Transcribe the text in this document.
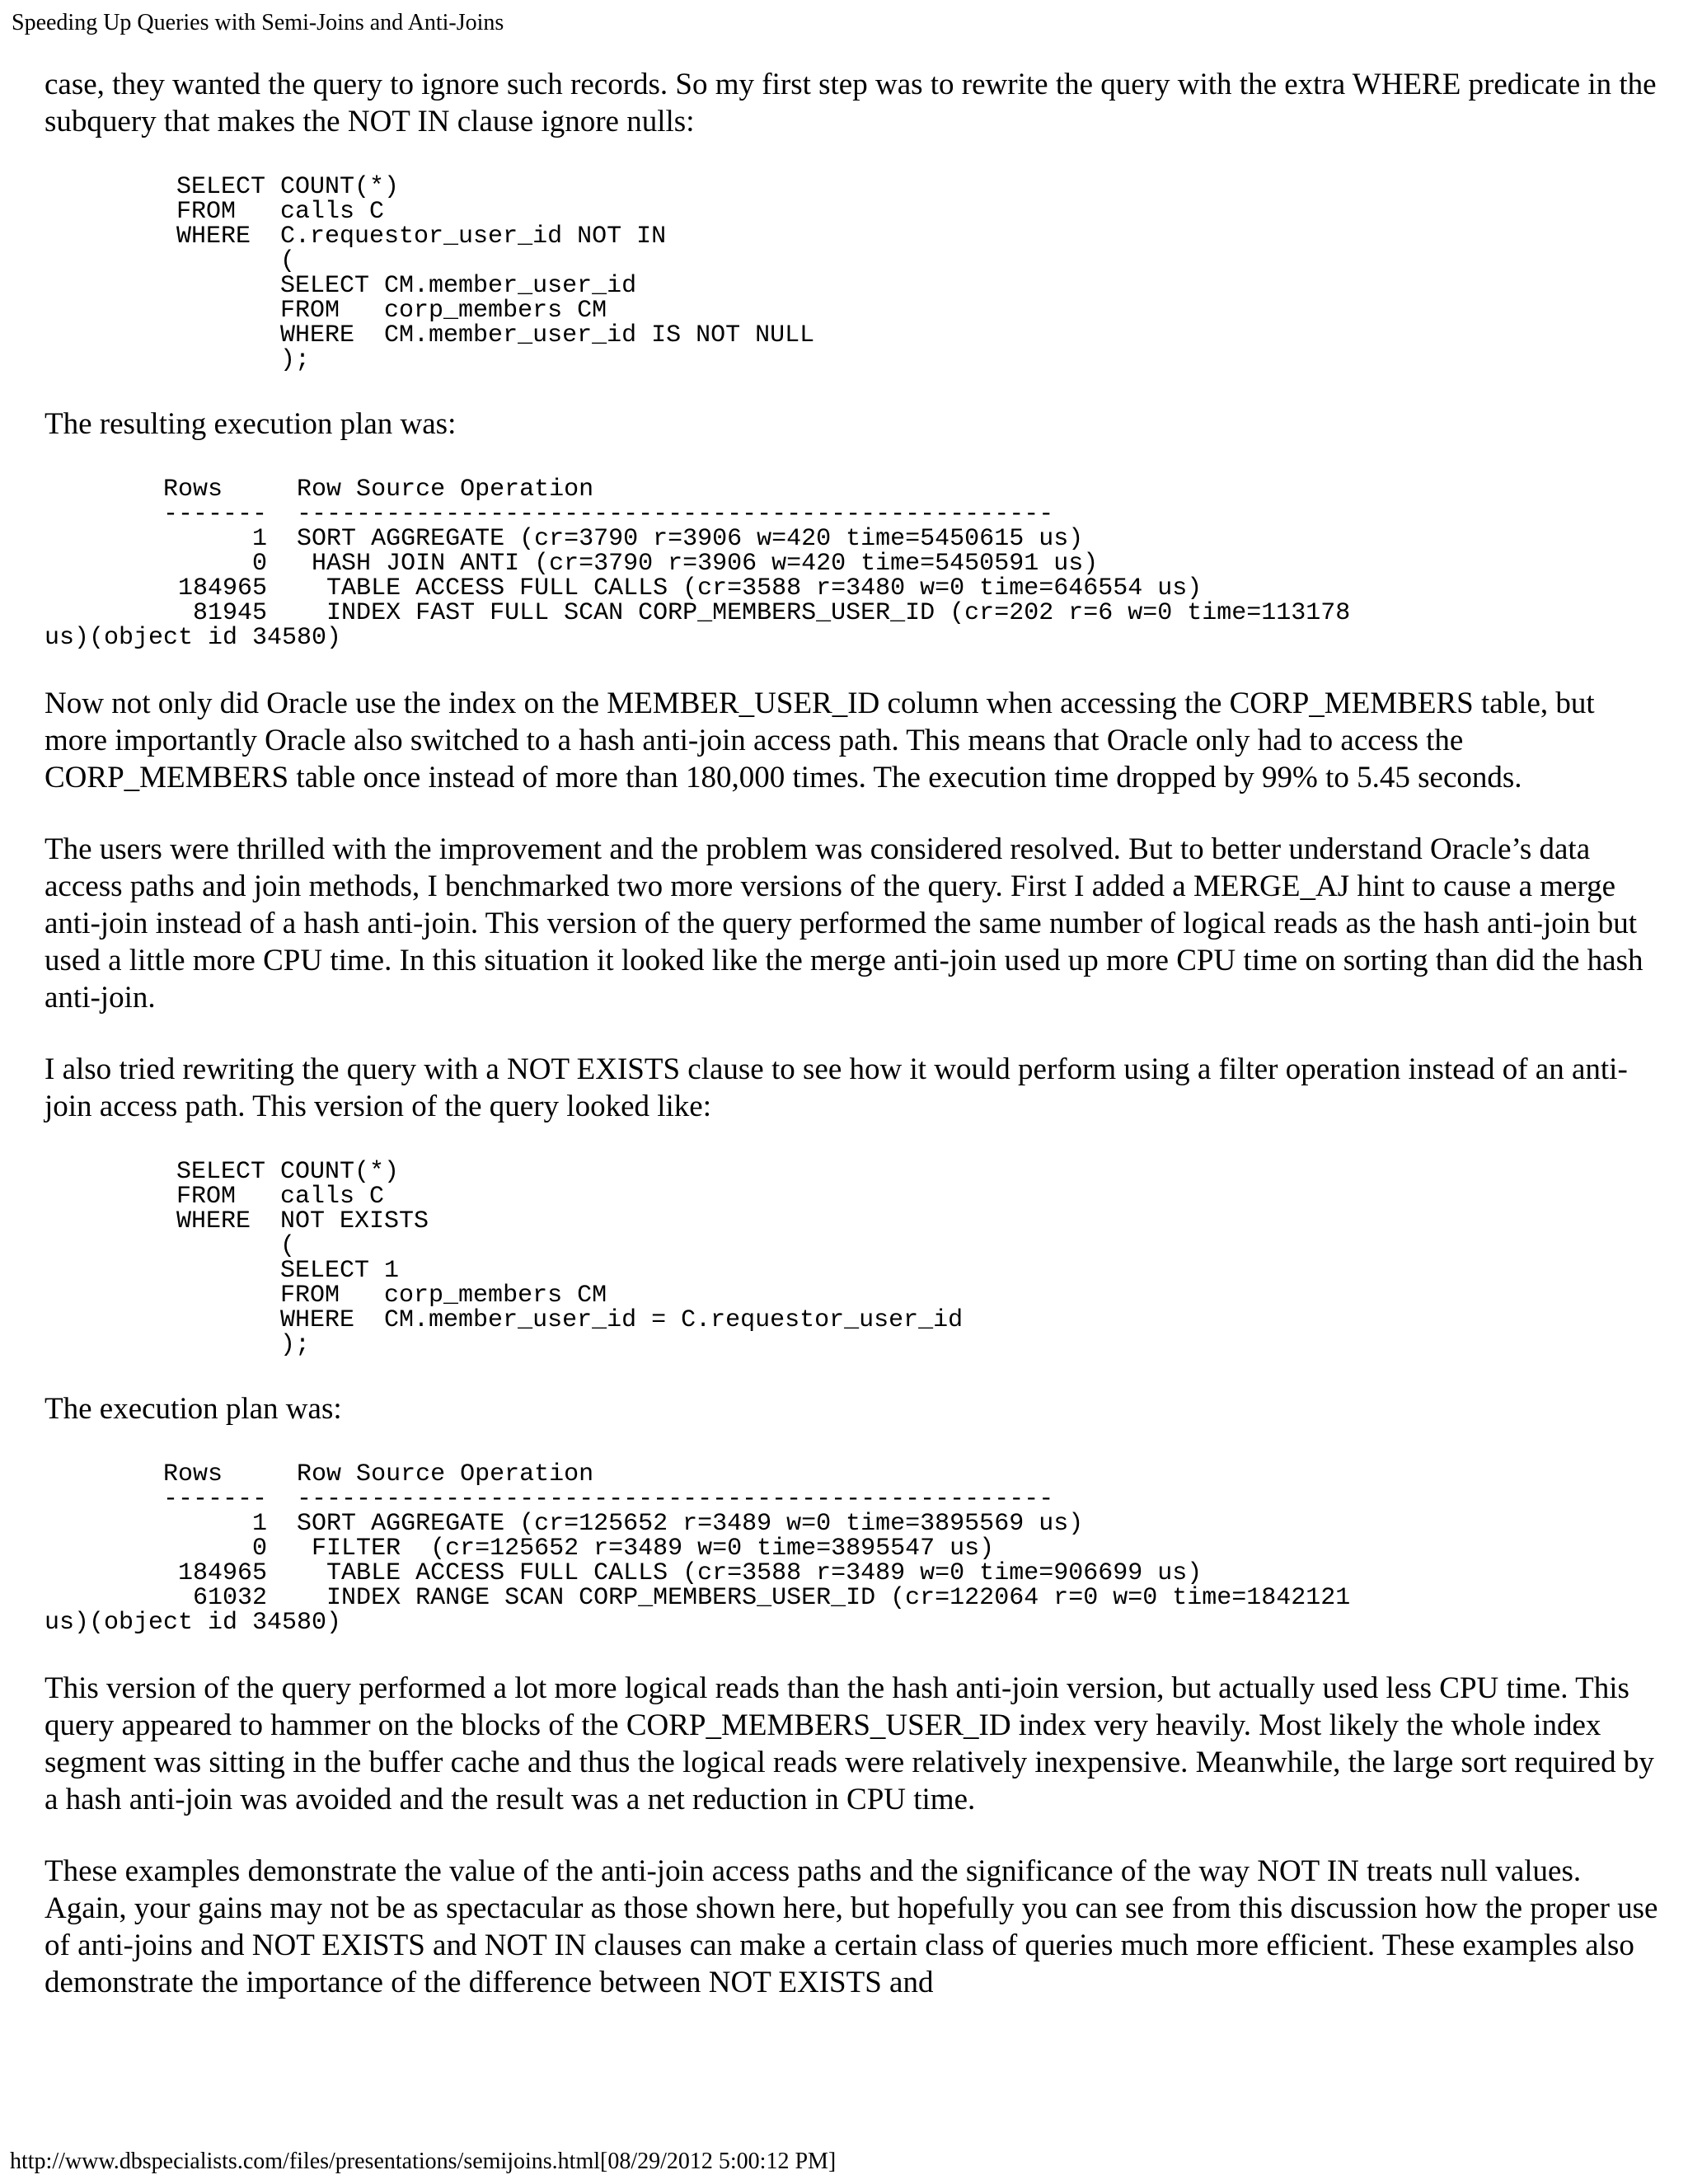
Speeding Up Queries with Semi-Joins and Anti-Joins

case, they wanted the query to ignore such records. So my first step was to rewrite the query with the extra WHERE predicate in the subquery that makes the NOT IN clause ignore nulls:

SELECT COUNT(*)
FROM   calls C
WHERE  C.requestor_user_id NOT IN
(
SELECT CM.member_user_id
FROM   corp_members CM
WHERE  CM.member_user_id IS NOT NULL
);

The resulting execution plan was:

Rows     Row Source Operation
-------  ---------------------------------------------------
1  SORT AGGREGATE (cr=3790 r=3906 w=420 time=5450615 us)
0   HASH JOIN ANTI (cr=3790 r=3906 w=420 time=5450591 us)
184965    TABLE ACCESS FULL CALLS (cr=3588 r=3480 w=0 time=646554 us)
81945    INDEX FAST FULL SCAN CORP_MEMBERS_USER_ID (cr=202 r=6 w=0 time=113178
us)(object id 34580)

Now not only did Oracle use the index on the MEMBER_USER_ID column when accessing the CORP_MEMBERS table, but more importantly Oracle also switched to a hash anti-join access path. This means that Oracle only had to access the CORP_MEMBERS table once instead of more than 180,000 times. The execution time dropped by 99% to 5.45 seconds.

The users were thrilled with the improvement and the problem was considered resolved. But to better understand Oracle’s data access paths and join methods, I benchmarked two more versions of the query. First I added a MERGE_AJ hint to cause a merge anti-join instead of a hash anti-join. This version of the query performed the same number of logical reads as the hash anti-join but used a little more CPU time. In this situation it looked like the merge anti-join used up more CPU time on sorting than did the hash anti-join.

I also tried rewriting the query with a NOT EXISTS clause to see how it would perform using a filter operation instead of an anti-join access path. This version of the query looked like:

SELECT COUNT(*)
FROM   calls C
WHERE  NOT EXISTS
(
SELECT 1
FROM   corp_members CM
WHERE  CM.member_user_id = C.requestor_user_id
);

The execution plan was:

Rows     Row Source Operation
-------  ---------------------------------------------------
1  SORT AGGREGATE (cr=125652 r=3489 w=0 time=3895569 us)
0   FILTER  (cr=125652 r=3489 w=0 time=3895547 us)
184965    TABLE ACCESS FULL CALLS (cr=3588 r=3489 w=0 time=906699 us)
61032    INDEX RANGE SCAN CORP_MEMBERS_USER_ID (cr=122064 r=0 w=0 time=1842121
us)(object id 34580)

This version of the query performed a lot more logical reads than the hash anti-join version, but actually used less CPU time. This query appeared to hammer on the blocks of the CORP_MEMBERS_USER_ID index very heavily. Most likely the whole index segment was sitting in the buffer cache and thus the logical reads were relatively inexpensive. Meanwhile, the large sort required by a hash anti-join was avoided and the result was a net reduction in CPU time.

These examples demonstrate the value of the anti-join access paths and the significance of the way NOT IN treats null values. Again, your gains may not be as spectacular as those shown here, but hopefully you can see from this discussion how the proper use of anti-joins and NOT EXISTS and NOT IN clauses can make a certain class of queries much more efficient. These examples also demonstrate the importance of the difference between NOT EXISTS and

http://www.dbspecialists.com/files/presentations/semijoins.html[08/29/2012 5:00:12 PM]
